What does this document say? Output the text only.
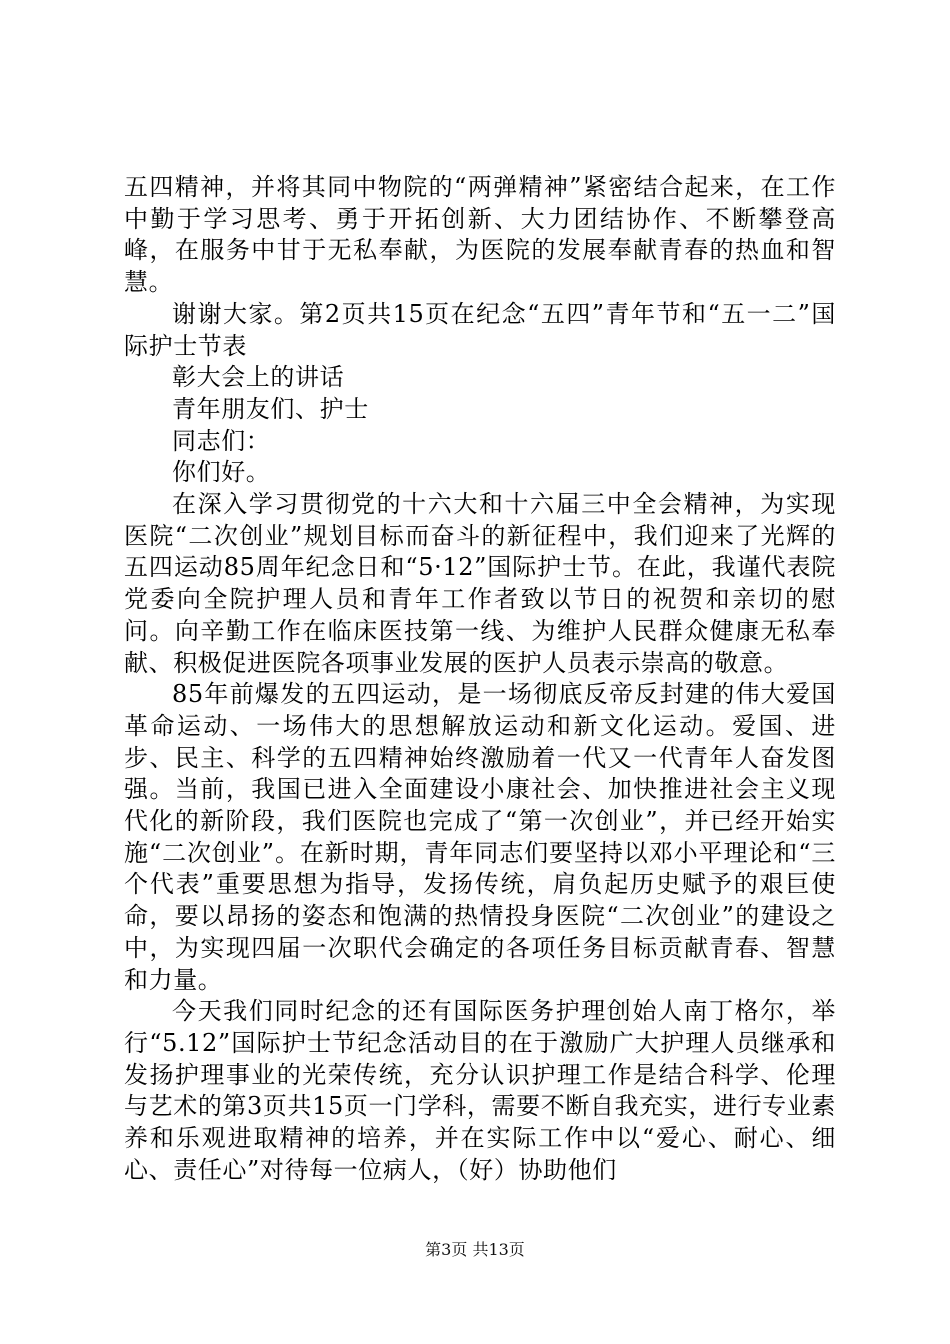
五四精神，并将其同中物院的“两弹精神”紧密结合起来，在工作中勤于学习思考、勇于开拓创新、大力团结协作、不断攀登高峰，在服务中甘于无私奉献，为医院的发展奉献青春的热血和智慧。

谢谢大家。第2页共15页在纪念“五四”青年节和“五一二”国际护士节表

彰大会上的讲话

青年朋友们、护士

同志们：

你们好。

在深入学习贯彻党的十六大和十六届三中全会精神，为实现医院“二次创业”规划目标而奋斗的新征程中，我们迎来了光辉的五四运动85周年纪念日和“5·12”国际护士节。在此，我谨代表院党委向全院护理人员和青年工作者致以节日的祝贺和亲切的慰问。向辛勤工作在临床医技第一线、为维护人民群众健康无私奉献、积极促进医院各项事业发展的医护人员表示崇高的敬意。

85年前爆发的五四运动，是一场彻底反帝反封建的伟大爱国革命运动、一场伟大的思想解放运动和新文化运动。爱国、进步、民主、科学的五四精神始终激励着一代又一代青年人奋发图强。当前，我国已进入全面建设小康社会、加快推进社会主义现代化的新阶段，我们医院也完成了“第一次创业”，并已经开始实施“二次创业”。在新时期，青年同志们要坚持以邓小平理论和“三个代表”重要思想为指导，发扬传统，肩负起历史赋予的艰巨使命，要以昂扬的姿态和饱满的热情投身医院“二次创业”的建设之中，为实现四届一次职代会确定的各项任务目标贡献青春、智慧和力量。

今天我们同时纪念的还有国际医务护理创始人南丁格尔，举行“5.12”国际护士节纪念活动目的在于激励广大护理人员继承和发扬护理事业的光荣传统，充分认识护理工作是结合科学、伦理与艺术的第3页共15页一门学科，需要不断自我充实，进行专业素养和乐观进取精神的培养，并在实际工作中以“爱心、耐心、细心、责任心”对待每一位病人，（好）协助他们

第3页 共13页
